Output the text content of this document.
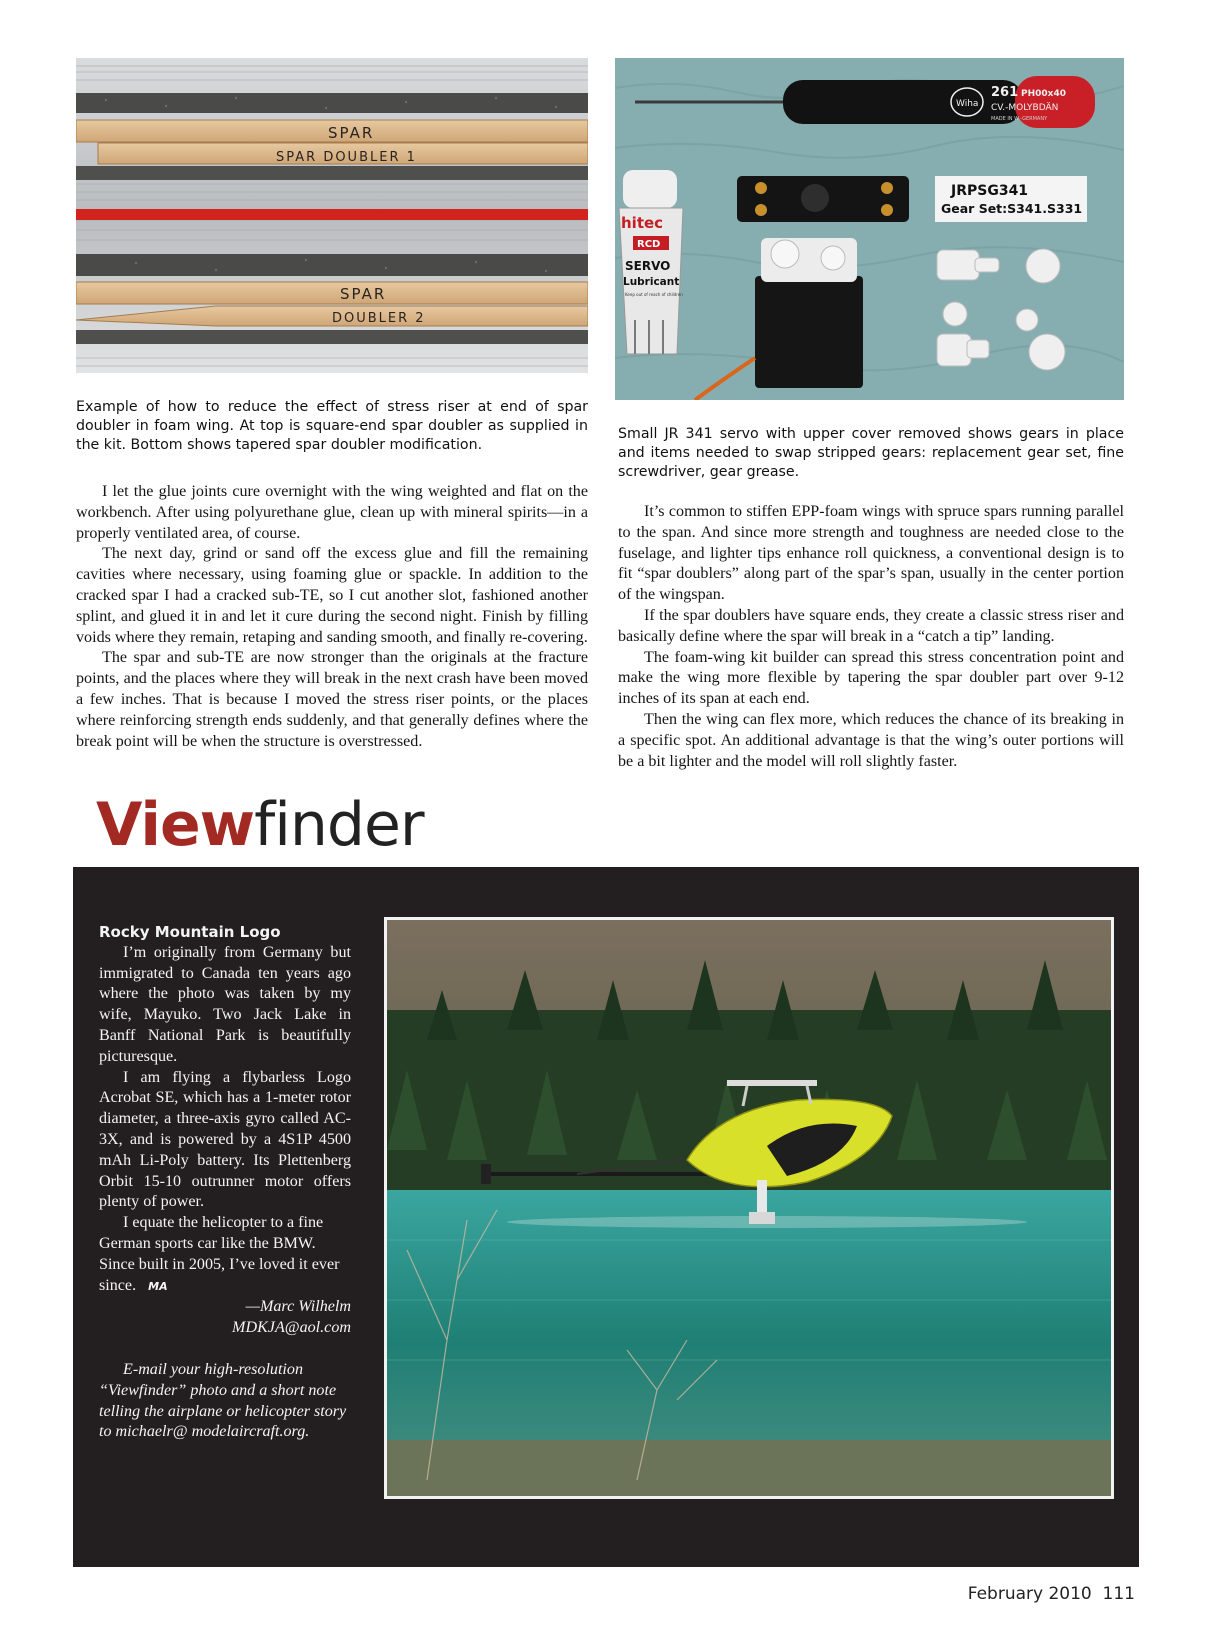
SPAR
SPAR DOUBLER 1
SPAR
DOUBLER 2
Example of how to reduce the effect of stress riser at end of spar doubler in foam wing. At top is square-end spar doubler as supplied in the kit. Bottom shows tapered spar doubler modification.
Wiha
261 PH00x40
CV.-MOLYBDÄN
MADE IN W.-GERMANY
JRPSG341
Gear Set:S341.S331
hitec
RCD
SERVO
Lubricant
Keep out of reach of children
Small JR 341 servo with upper cover removed shows gears in place and items needed to swap stripped gears: replacement gear set, fine screwdriver, gear grease.

I let the glue joints cure overnight with the wing weighted and flat on the workbench. After using polyurethane glue, clean up with mineral spirits—in a properly ventilated area, of course.

The next day, grind or sand off the excess glue and fill the remaining cavities where necessary, using foaming glue or spackle. In addition to the cracked spar I had a cracked sub-TE, so I cut another slot, fashioned another splint, and glued it in and let it cure during the second night. Finish by filling voids where they remain, retaping and sanding smooth, and finally re-covering.

The spar and sub-TE are now stronger than the originals at the fracture points, and the places where they will break in the next crash have been moved a few inches. That is because I moved the stress riser points, or the places where reinforcing strength ends suddenly, and that generally defines where the break point will be when the structure is overstressed.

It’s common to stiffen EPP-foam wings with spruce spars running parallel to the span. And since more strength and toughness are needed close to the fuselage, and lighter tips enhance roll quickness, a conventional design is to fit “spar doublers” along part of the spar’s span, usually in the center portion of the wingspan.

If the spar doublers have square ends, they create a classic stress riser and basically define where the spar will break in a “catch a tip” landing.

The foam-wing kit builder can spread this stress concentration point and make the wing more flexible by tapering the spar doubler part over 9-12 inches of its span at each end.

Then the wing can flex more, which reduces the chance of its breaking in a specific spot. An additional advantage is that the wing’s outer portions will be a bit lighter and the model will roll slightly faster.

Viewfinder
Rocky Mountain Logo

I’m originally from Germany but immigrated to Canada ten years ago where the photo was taken by my wife, Mayuko. Two Jack Lake in Banff National Park is beautifully picturesque.

I am flying a flybarless Logo Acrobat SE, which has a 1-meter rotor diameter, a three-axis gyro called AC-3X, and is powered by a 4S1P 4500 mAh Li-Poly battery. Its Plettenberg Orbit 15-10 outrunner motor offers plenty of power.

I equate the helicopter to a fine German sports car like the BMW. Since built in 2005, I’ve loved it ever since. MA

—Marc Wilhelm
MDKJA@aol.com
E-mail your high-resolution “Viewfinder” photo and a short note telling the airplane or helicopter story to michaelr@ modelaircraft.org.
February 2010 111
